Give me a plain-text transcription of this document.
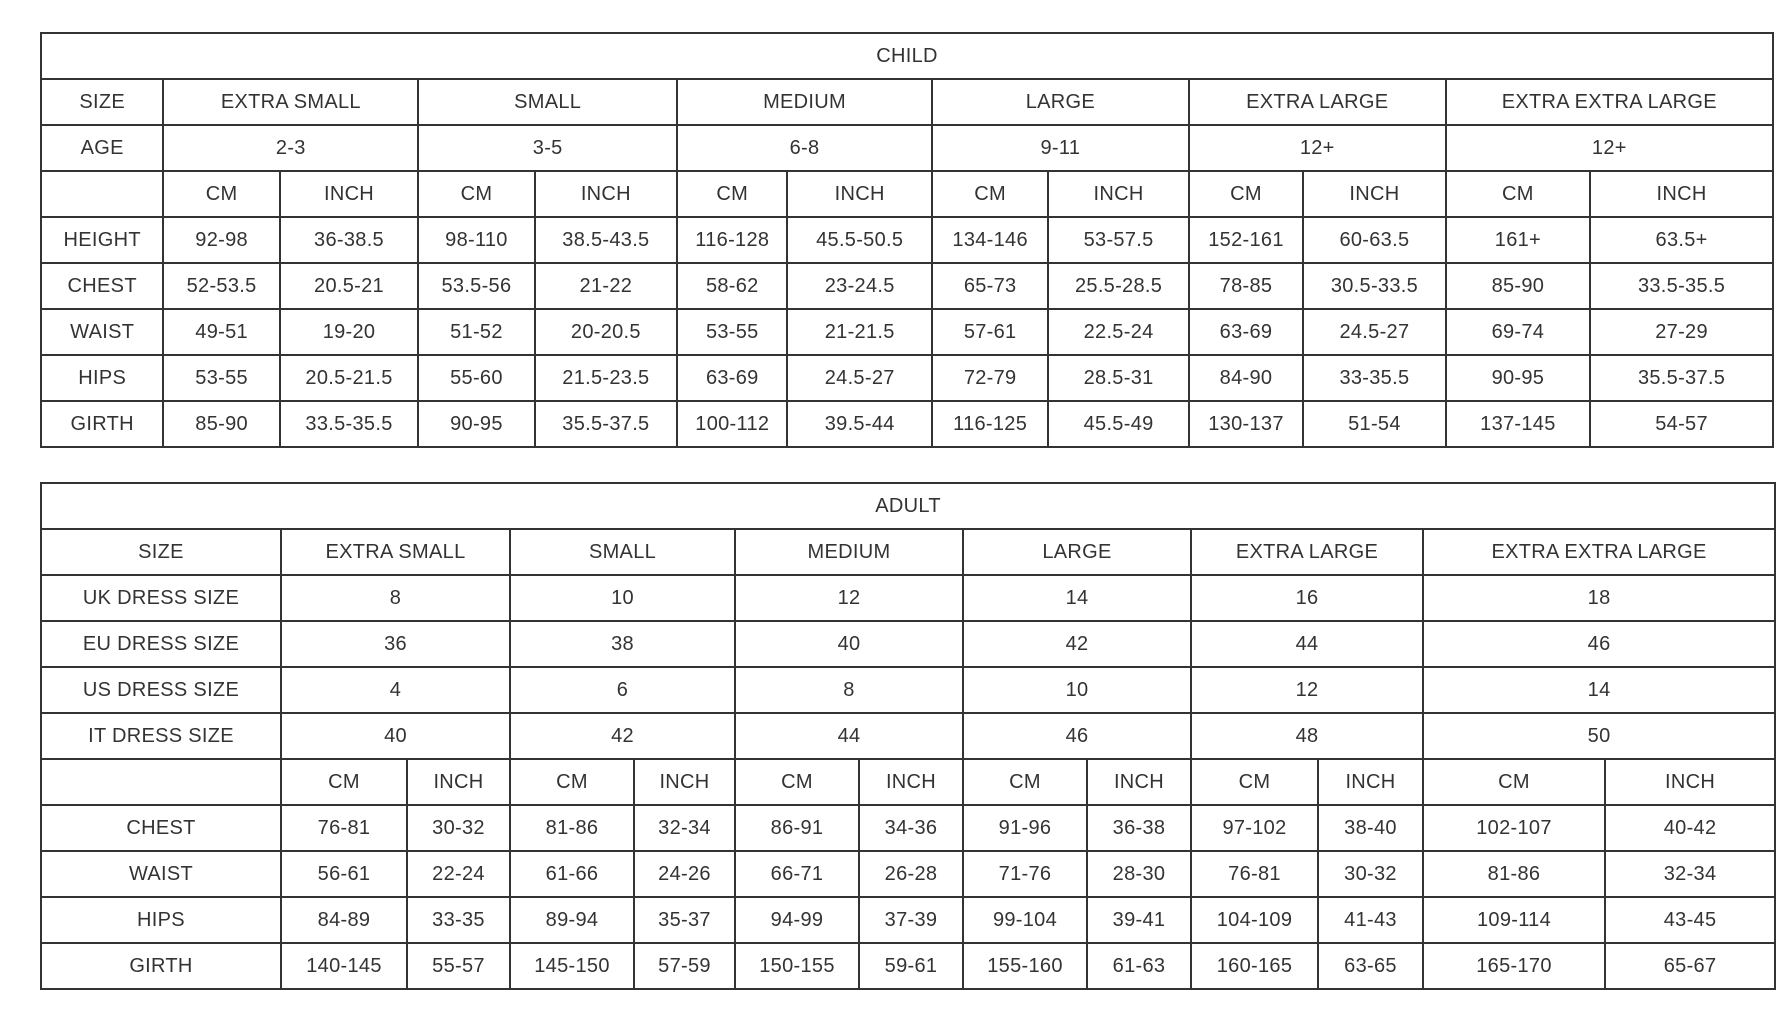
CHILD												
SIZE	EXTRA SMALL		SMALL		MEDIUM		LARGE		EXTRA LARGE		EXTRA EXTRA LARGE	
AGE	2-3		3-5		6-8		9-11		12+		12+	
	CM	INCH	CM	INCH	CM	INCH	CM	INCH	CM	INCH	CM	INCH
HEIGHT	92-98	36-38.5	98-110	38.5-43.5	116-128	45.5-50.5	134-146	53-57.5	152-161	60-63.5	161+	63.5+
CHEST	52-53.5	20.5-21	53.5-56	21-22	58-62	23-24.5	65-73	25.5-28.5	78-85	30.5-33.5	85-90	33.5-35.5
WAIST	49-51	19-20	51-52	20-20.5	53-55	21-21.5	57-61	22.5-24	63-69	24.5-27	69-74	27-29
HIPS	53-55	20.5-21.5	55-60	21.5-23.5	63-69	24.5-27	72-79	28.5-31	84-90	33-35.5	90-95	35.5-37.5
GIRTH	85-90	33.5-35.5	90-95	35.5-37.5	100-112	39.5-44	116-125	45.5-49	130-137	51-54	137-145	54-57
ADULT												
SIZE	EXTRA SMALL		SMALL		MEDIUM		LARGE		EXTRA LARGE		EXTRA EXTRA LARGE	
UK DRESS SIZE	8		10		12		14		16		18	
EU DRESS SIZE	36		38		40		42		44		46	
US DRESS SIZE	4		6		8		10		12		14	
IT DRESS SIZE	40		42		44		46		48		50	
	CM	INCH	CM	INCH	CM	INCH	CM	INCH	CM	INCH	CM	INCH
CHEST	76-81	30-32	81-86	32-34	86-91	34-36	91-96	36-38	97-102	38-40	102-107	40-42
WAIST	56-61	22-24	61-66	24-26	66-71	26-28	71-76	28-30	76-81	30-32	81-86	32-34
HIPS	84-89	33-35	89-94	35-37	94-99	37-39	99-104	39-41	104-109	41-43	109-114	43-45
GIRTH	140-145	55-57	145-150	57-59	150-155	59-61	155-160	61-63	160-165	63-65	165-170	65-67
